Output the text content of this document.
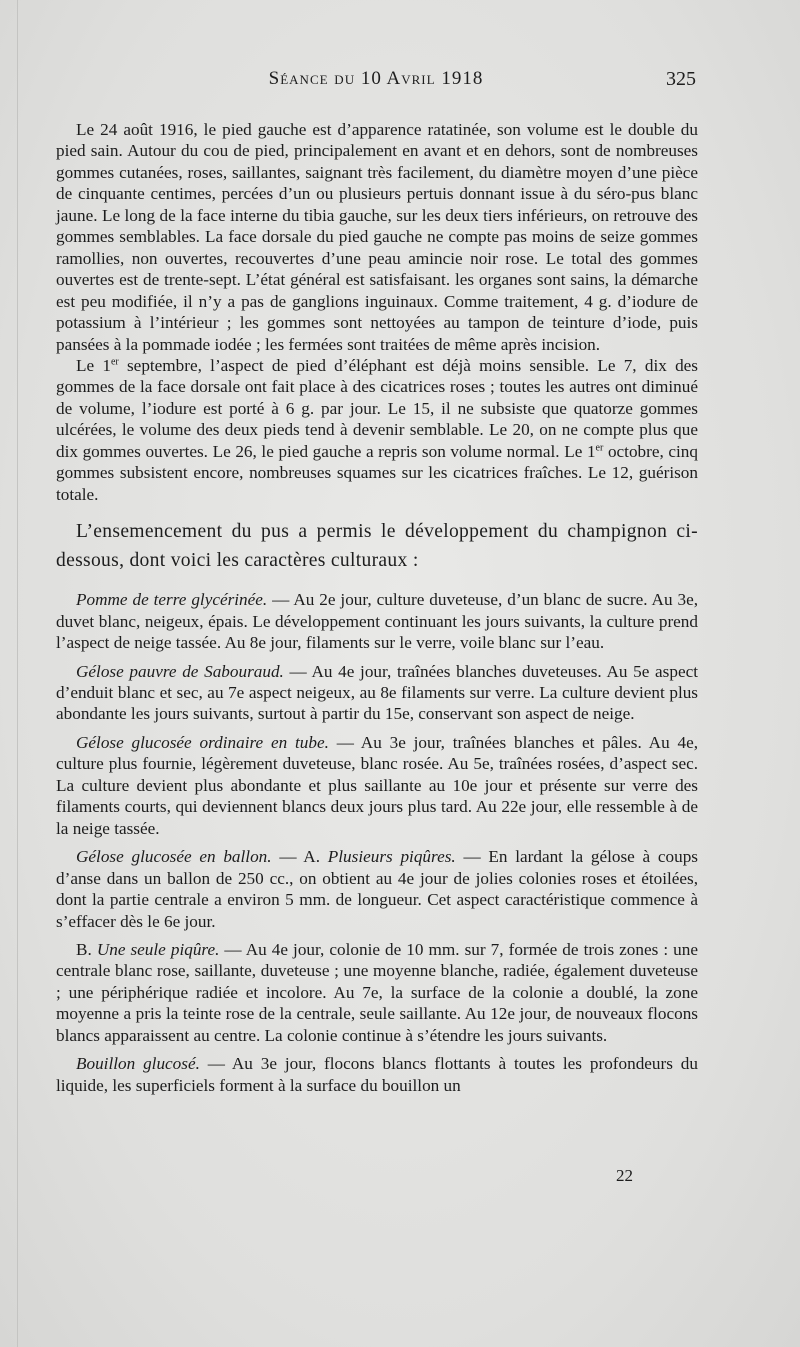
Séance du 10 Avril 1918	325

Le 24 août 1916, le pied gauche est d’apparence ratatinée, son volume est le double du pied sain. Autour du cou de pied, principalement en avant et en dehors, sont de nombreuses gommes cutanées, roses, saillantes, saignant très facilement, du diamètre moyen d’une pièce de cinquante centimes, percées d’un ou plusieurs pertuis donnant issue à du séro-pus blanc jaune. Le long de la face interne du tibia gauche, sur les deux tiers inférieurs, on retrouve des gommes semblables. La face dorsale du pied gauche ne compte pas moins de seize gommes ramollies, non ouvertes, recouvertes d’une peau amincie noir rose. Le total des gommes ouvertes est de trente-sept. L’état général est satisfaisant. les organes sont sains, la démarche est peu modifiée, il n’y a pas de ganglions inguinaux. Comme traitement, 4 g. d’iodure de potassium à l’intérieur ; les gommes sont nettoyées au tampon de teinture d’iode, puis pansées à la pommade iodée ; les fermées sont traitées de même après incision.

Le 1er septembre, l’aspect de pied d’éléphant est déjà moins sensible. Le 7, dix des gommes de la face dorsale ont fait place à des cicatrices roses ; toutes les autres ont diminué de volume, l’iodure est porté à 6 g. par jour. Le 15, il ne subsiste que quatorze gommes ulcérées, le volume des deux pieds tend à devenir semblable. Le 20, on ne compte plus que dix gommes ouvertes. Le 26, le pied gauche a repris son volume normal. Le 1er octobre, cinq gommes subsistent encore, nombreuses squames sur les cicatrices fraîches. Le 12, guérison totale.

L’ensemencement du pus a permis le développement du champignon ci-dessous, dont voici les caractères culturaux :

Pomme de terre glycérinée. — Au 2e jour, culture duveteuse, d’un blanc de sucre. Au 3e, duvet blanc, neigeux, épais. Le développement continuant les jours suivants, la culture prend l’aspect de neige tassée. Au 8e jour, filaments sur le verre, voile blanc sur l’eau.

Gélose pauvre de Sabouraud. — Au 4e jour, traînées blanches duveteuses. Au 5e aspect d’enduit blanc et sec, au 7e aspect neigeux, au 8e filaments sur verre. La culture devient plus abondante les jours suivants, surtout à partir du 15e, conservant son aspect de neige.

Gélose glucosée ordinaire en tube. — Au 3e jour, traînées blanches et pâles. Au 4e, culture plus fournie, légèrement duveteuse, blanc rosée. Au 5e, traînées rosées, d’aspect sec. La culture devient plus abondante et plus saillante au 10e jour et présente sur verre des filaments courts, qui deviennent blancs deux jours plus tard. Au 22e jour, elle ressemble à de la neige tassée.

Gélose glucosée en ballon. — A. Plusieurs piqûres. — En lardant la gélose à coups d’anse dans un ballon de 250 cc., on obtient au 4e jour de jolies colonies roses et étoilées, dont la partie centrale a environ 5 mm. de longueur. Cet aspect caractéristique commence à s’effacer dès le 6e jour.

B. Une seule piqûre. — Au 4e jour, colonie de 10 mm. sur 7, formée de trois zones : une centrale blanc rose, saillante, duveteuse ; une moyenne blanche, radiée, également duveteuse ; une périphérique radiée et incolore. Au 7e, la surface de la colonie a doublé, la zone moyenne a pris la teinte rose de la centrale, seule saillante. Au 12e jour, de nouveaux flocons blancs apparaissent au centre. La colonie continue à s’étendre les jours suivants.

Bouillon glucosé. — Au 3e jour, flocons blancs flottants à toutes les profondeurs du liquide, les superficiels forment à la surface du bouillon un

22
